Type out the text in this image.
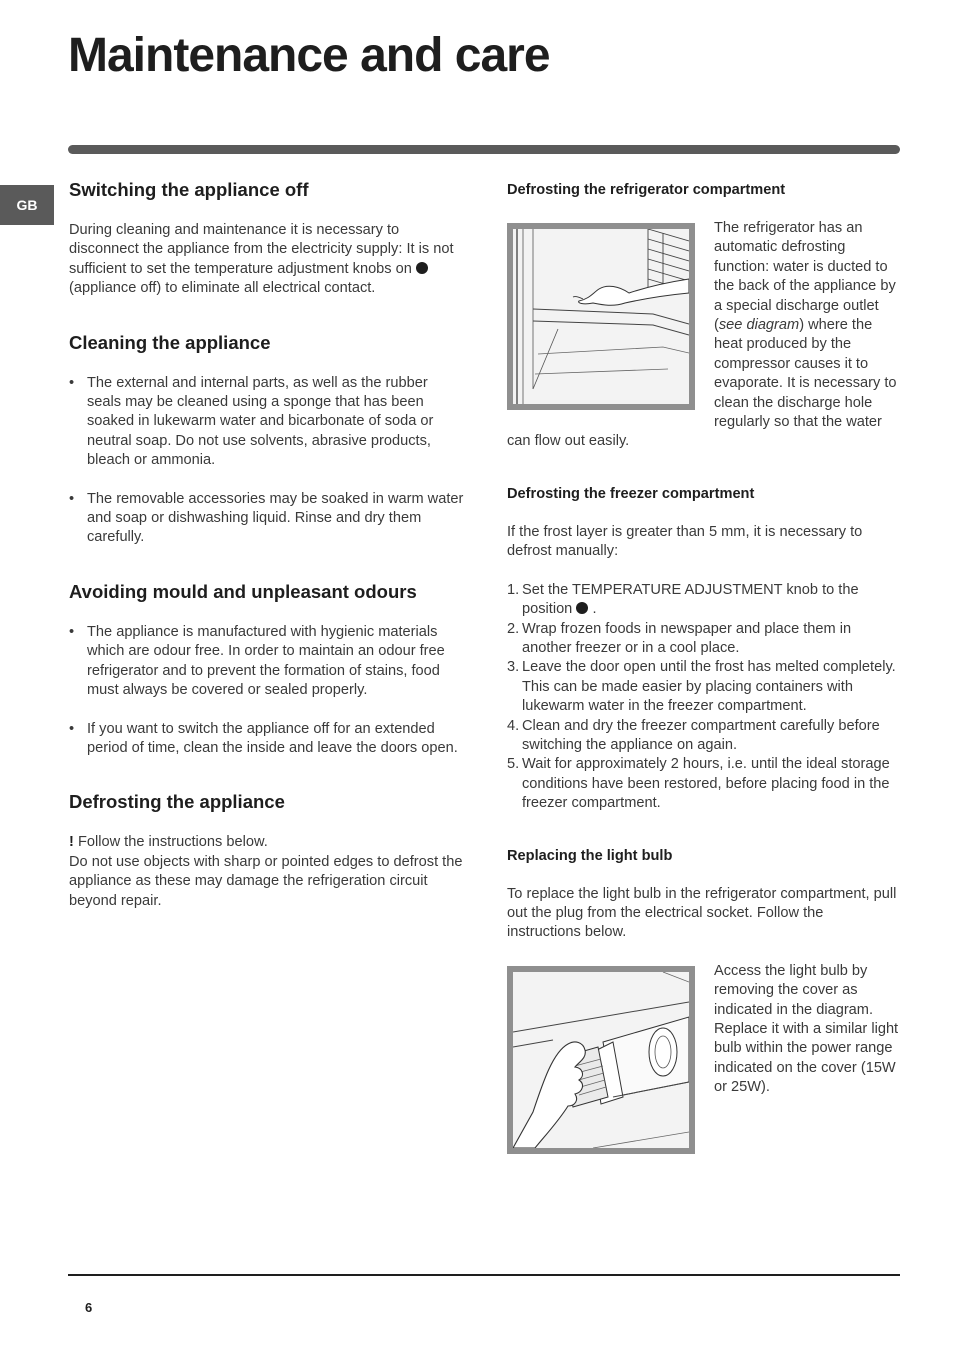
Maintenance and care
GB
Switching the appliance off

During cleaning and maintenance it is necessary to disconnect the appliance from the electricity supply: It is not sufficient to set the temperature adjustment knobs on  (appliance off) to eliminate all electrical contact.

Cleaning the appliance
• The external and internal parts, as well as the rubber seals may be cleaned using a sponge that has been soaked in lukewarm water and bicarbonate of soda or neutral soap. Do not use solvents, abrasive products, bleach or ammonia.
• The removable accessories may be soaked in warm water and soap or dishwashing liquid. Rinse and dry them carefully.
Avoiding mould and unpleasant odours
• The appliance is manufactured with hygienic materials which are odour free. In order to maintain an odour free refrigerator and to prevent the formation of stains, food must always be covered or sealed properly.
• If you want to switch the appliance off for an extended period of time, clean the inside and leave the doors open.
Defrosting the appliance

! Follow the instructions below.

Do not use objects with sharp or pointed edges to defrost the appliance as these may damage the refrigeration circuit beyond repair.

Defrosting the refrigerator compartment

The refrigerator has an automatic defrosting function: water is ducted to the back of the appliance by a special discharge outlet (see diagram) where the heat produced by the compressor causes it to evaporate. It is necessary to clean the discharge hole regularly so that the water can flow out easily.

Defrosting the freezer compartment

If the frost layer is greater than 5 mm, it is necessary to defrost manually:

1. Set the TEMPERATURE ADJUSTMENT knob to the position .
2. Wrap frozen foods in newspaper and place them in another freezer or in a cool place.
3. Leave the door open until the frost has melted completely. This can be made easier by placing containers with lukewarm water in the freezer compartment.
4. Clean and dry the freezer compartment carefully before switching the appliance on again.
5. Wait for approximately 2 hours, i.e. until the ideal storage conditions have been restored, before placing food in the freezer compartment.
Replacing the light bulb

To replace the light bulb in the refrigerator compartment, pull out the plug from the electrical socket. Follow the instructions below.

Access the light bulb by removing the cover as indicated in the diagram. Replace it with a similar light bulb within the power range indicated on the cover (15W or 25W).

6
